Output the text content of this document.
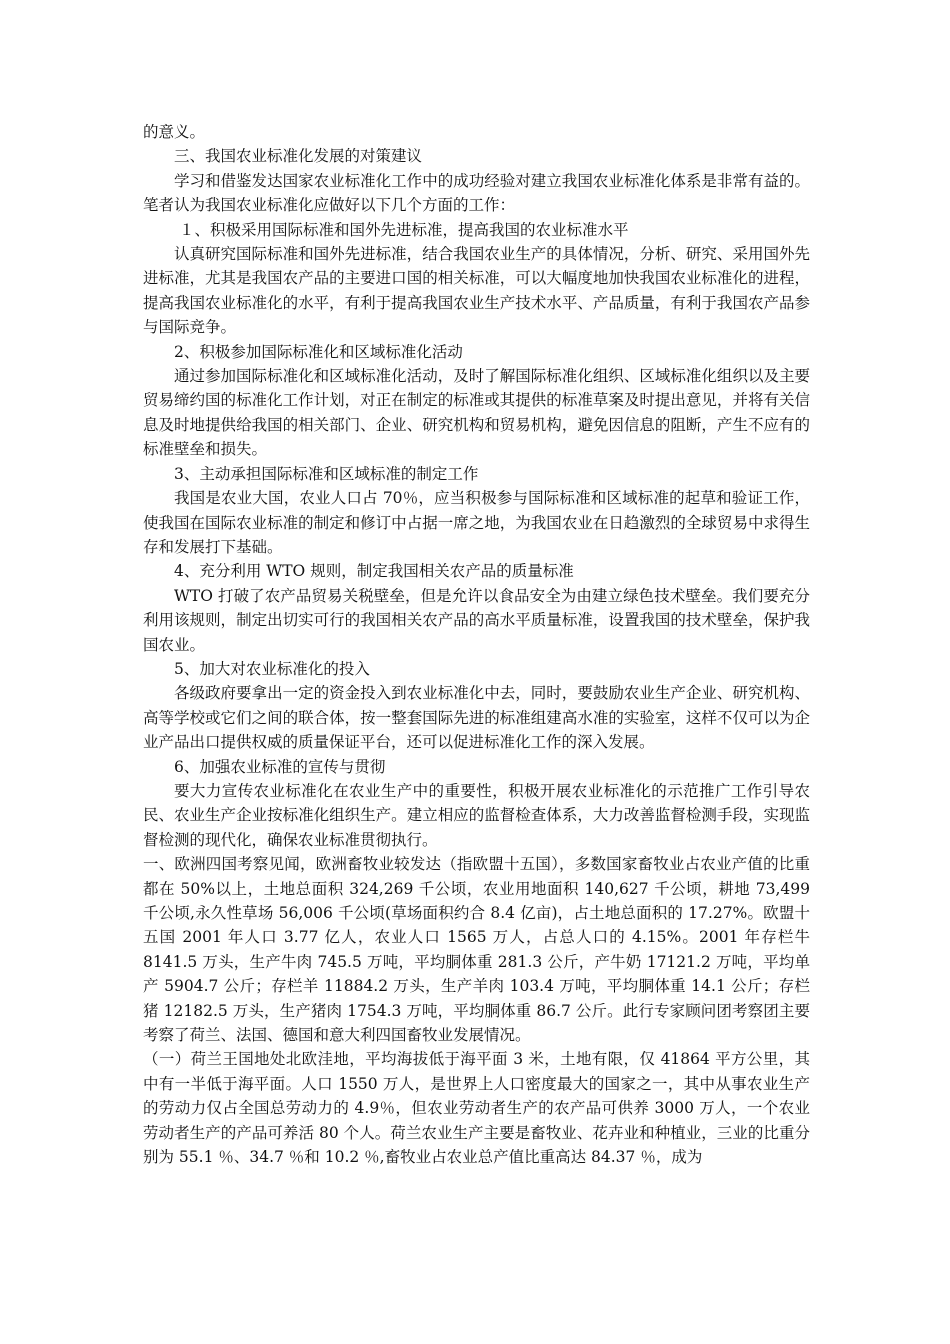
的意义。

三、我国农业标准化发展的对策建议

学习和借鉴发达国家农业标准化工作中的成功经验对建立我国农业标准化体系是非常有益的。笔者认为我国农业标准化应做好以下几个方面的工作：

１、积极采用国际标准和国外先进标准，提高我国的农业标准水平

认真研究国际标准和国外先进标准，结合我国农业生产的具体情况，分析、研究、采用国外先进标准，尤其是我国农产品的主要进口国的相关标准，可以大幅度地加快我国农业标准化的进程，提高我国农业标准化的水平，有利于提高我国农业生产技术水平、产品质量，有利于我国农产品参与国际竞争。

2、积极参加国际标准化和区域标准化活动

通过参加国际标准化和区域标准化活动，及时了解国际标准化组织、区域标准化组织以及主要贸易缔约国的标准化工作计划，对正在制定的标准或其提供的标准草案及时提出意见，并将有关信息及时地提供给我国的相关部门、企业、研究机构和贸易机构，避免因信息的阻断，产生不应有的标准壁垒和损失。

3、主动承担国际标准和区域标准的制定工作

我国是农业大国，农业人口占 70％，应当积极参与国际标准和区域标准的起草和验证工作，使我国在国际农业标准的制定和修订中占据一席之地，为我国农业在日趋激烈的全球贸易中求得生存和发展打下基础。

4、充分利用 WTO 规则，制定我国相关农产品的质量标准

WTO 打破了农产品贸易关税壁垒，但是允许以食品安全为由建立绿色技术壁垒。我们要充分利用该规则，制定出切实可行的我国相关农产品的高水平质量标准，设置我国的技术壁垒，保护我国农业。

5、加大对农业标准化的投入

各级政府要拿出一定的资金投入到农业标准化中去，同时，要鼓励农业生产企业、研究机构、高等学校或它们之间的联合体，按一整套国际先进的标准组建高水准的实验室，这样不仅可以为企业产品出口提供权威的质量保证平台，还可以促进标准化工作的深入发展。

6、加强农业标准的宣传与贯彻

要大力宣传农业标准化在农业生产中的重要性，积极开展农业标准化的示范推广工作引导农民、农业生产企业按标准化组织生产。建立相应的监督检查体系，大力改善监督检测手段，实现监督检测的现代化，确保农业标准贯彻执行。

一、欧洲四国考察见闻，欧洲畜牧业较发达（指欧盟十五国），多数国家畜牧业占农业产值的比重都在 50%以上，土地总面积 324,269 千公顷，农业用地面积 140,627 千公顷，耕地 73,499 千公顷,永久性草场 56,006 千公顷(草场面积约合 8.4 亿亩)，占土地总面积的 17.27%。欧盟十五国 2001 年人口 3.77 亿人，农业人口 1565 万人，占总人口的 4.15%。2001 年存栏牛 8141.5 万头，生产牛肉 745.5 万吨，平均胴体重 281.3 公斤，产牛奶 17121.2 万吨，平均单产 5904.7 公斤；存栏羊 11884.2 万头，生产羊肉 103.4 万吨，平均胴体重 14.1 公斤；存栏猪 12182.5 万头，生产猪肉 1754.3 万吨，平均胴体重 86.7 公斤。此行专家顾问团考察团主要考察了荷兰、法国、德国和意大利四国畜牧业发展情况。

（一）荷兰王国地处北欧洼地，平均海拔低于海平面 3 米，土地有限，仅 41864 平方公里，其中有一半低于海平面。人口 1550 万人，是世界上人口密度最大的国家之一，其中从事农业生产的劳动力仅占全国总劳动力的 4.9％，但农业劳动者生产的农产品可供养 3000 万人，一个农业劳动者生产的产品可养活 80 个人。荷兰农业生产主要是畜牧业、花卉业和种植业，三业的比重分别为 55.1 ％、34.7 ％和 10.2 ％,畜牧业占农业总产值比重高达 84.37 ％，成为
